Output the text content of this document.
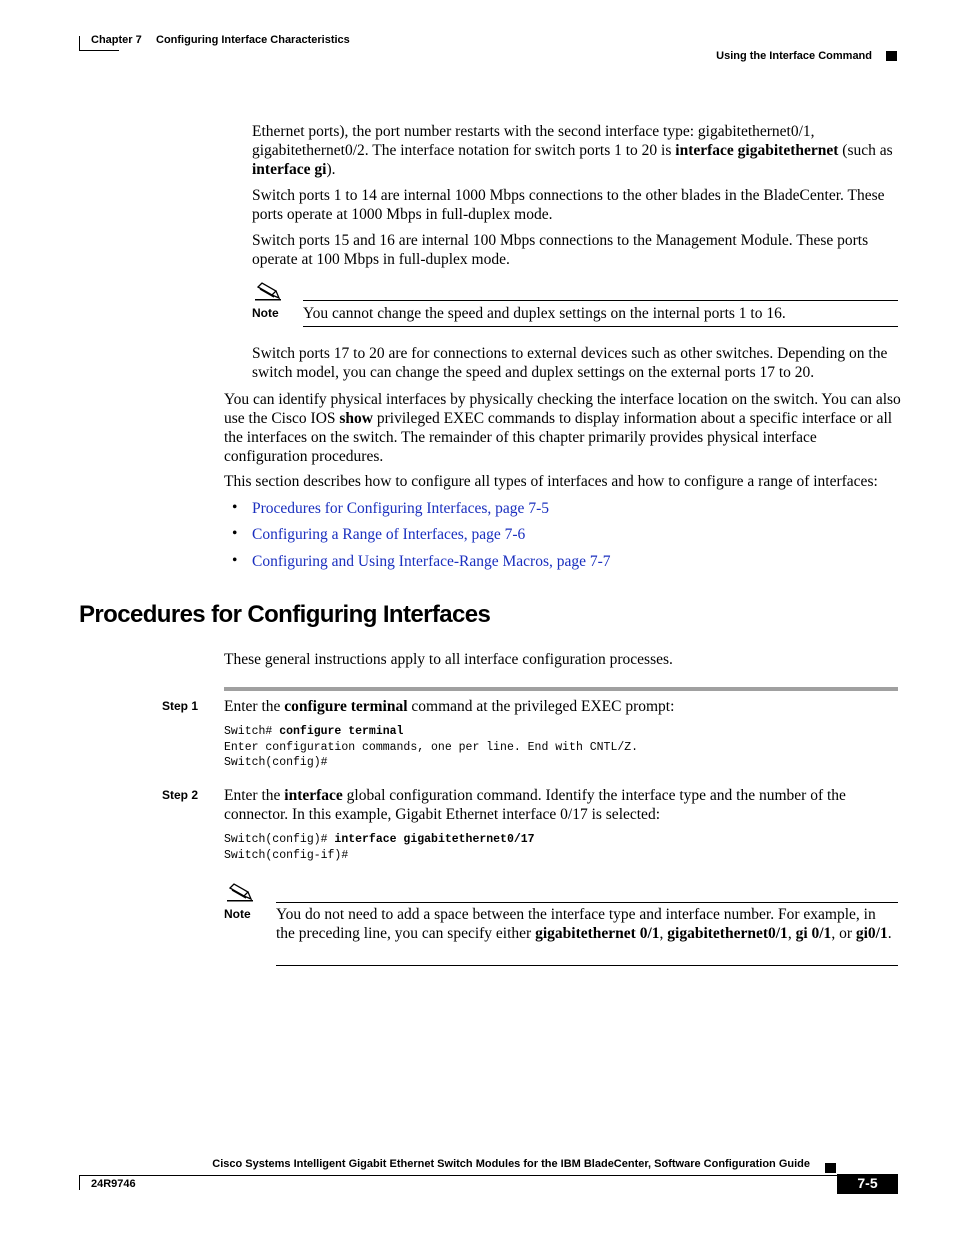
Chapter 7 Configuring Interface Characteristics
Using the Interface Command
Ethernet ports), the port number restarts with the second interface type: gigabitethernet0/1, gigabitethernet0/2. The interface notation for switch ports 1 to 20 is interface gigabitethernet (such as interface gi).
Switch ports 1 to 14 are internal 1000 Mbps connections to the other blades in the BladeCenter. These ports operate at 1000 Mbps in full-duplex mode.
Switch ports 15 and 16 are internal 100 Mbps connections to the Management Module. These ports operate at 100 Mbps in full-duplex mode.
Note You cannot change the speed and duplex settings on the internal ports 1 to 16.
Switch ports 17 to 20 are for connections to external devices such as other switches. Depending on the switch model, you can change the speed and duplex settings on the external ports 17 to 20.
You can identify physical interfaces by physically checking the interface location on the switch. You can also use the Cisco IOS show privileged EXEC commands to display information about a specific interface or all the interfaces on the switch. The remainder of this chapter primarily provides physical interface configuration procedures.
This section describes how to configure all types of interfaces and how to configure a range of interfaces:
• Procedures for Configuring Interfaces, page 7-5
• Configuring a Range of Interfaces, page 7-6
• Configuring and Using Interface-Range Macros, page 7-7
Procedures for Configuring Interfaces
These general instructions apply to all interface configuration processes.
Step 1 Enter the configure terminal command at the privileged EXEC prompt:
Switch# configure terminal
Enter configuration commands, one per line. End with CNTL/Z.
Switch(config)#
Step 2 Enter the interface global configuration command. Identify the interface type and the number of the connector. In this example, Gigabit Ethernet interface 0/17 is selected:
Switch(config)# interface gigabitethernet0/17
Switch(config-if)#
Note You do not need to add a space between the interface type and interface number. For example, in the preceding line, you can specify either gigabitethernet 0/1, gigabitethernet0/1, gi 0/1, or gi0/1.
Cisco Systems Intelligent Gigabit Ethernet Switch Modules for the IBM BladeCenter, Software Configuration Guide
24R9746	7-5
